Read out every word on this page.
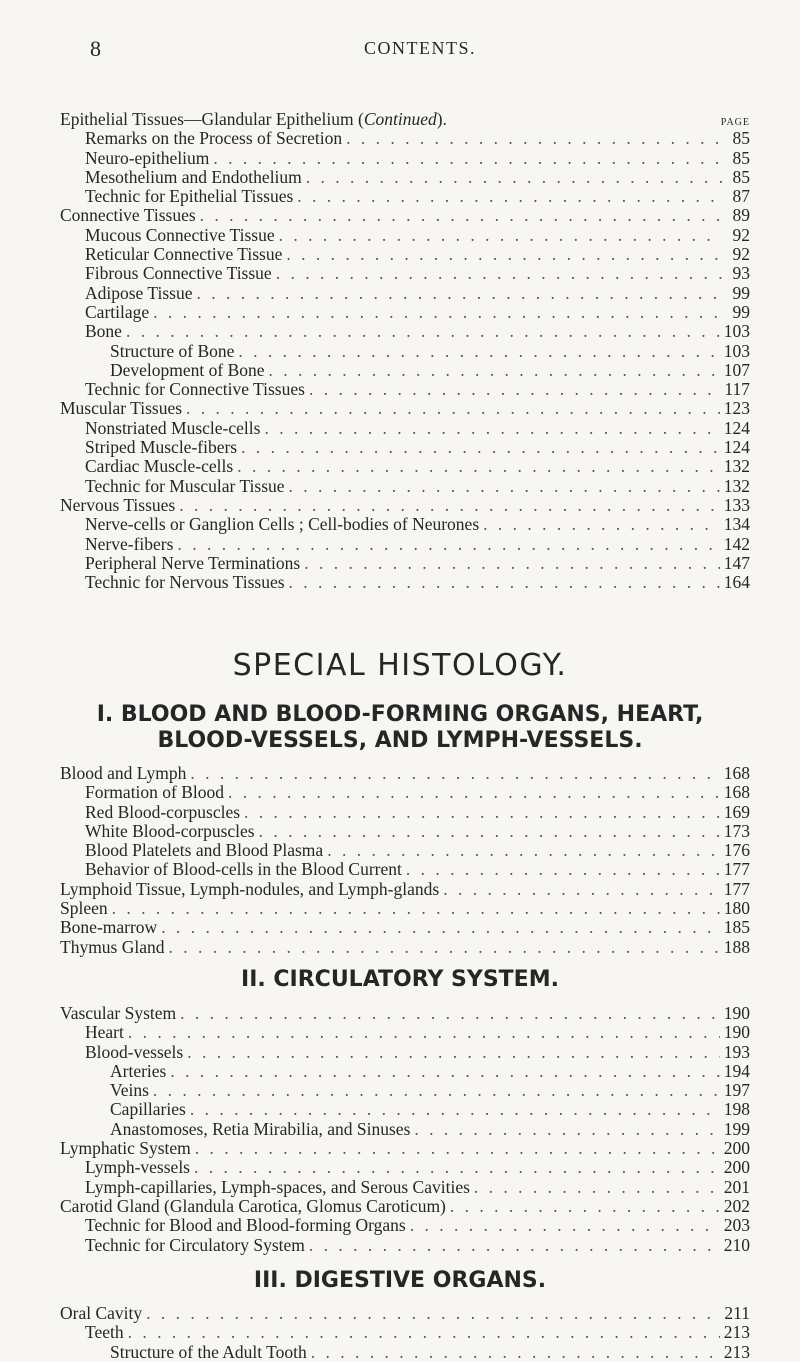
8	CONTENTS.
Epithelial Tissues—Glandular Epithelium (Continued).	PAGE
Remarks on the Process of Secretion . . .	85
Neuro-epithelium . . .	85
Mesothelium and Endothelium . . .	85
Technic for Epithelial Tissues . . .	87
Connective Tissues . . .	89
Mucous Connective Tissue . . .	92
Reticular Connective Tissue . . .	92
Fibrous Connective Tissue . . .	93
Adipose Tissue . . .	99
Cartilage . . .	99
Bone . . .	103
Structure of Bone . . .	103
Development of Bone . . .	107
Technic for Connective Tissues . . .	117
Muscular Tissues . . .	123
Nonstriated Muscle-cells . . .	124
Striped Muscle-fibers . . .	124
Cardiac Muscle-cells . . .	132
Technic for Muscular Tissue . . .	132
Nervous Tissues . . .	133
Nerve-cells or Ganglion Cells ; Cell-bodies of Neurones . . .	134
Nerve-fibers . . .	142
Peripheral Nerve Terminations . . .	147
Technic for Nervous Tissues . . .	164
SPECIAL HISTOLOGY.
I. BLOOD AND BLOOD-FORMING ORGANS, HEART,
BLOOD-VESSELS, AND LYMPH-VESSELS.
Blood and Lymph . . .	168
Formation of Blood . . .	168
Red Blood-corpuscles . . .	169
White Blood-corpuscles . . .	173
Blood Platelets and Blood Plasma . . .	176
Behavior of Blood-cells in the Blood Current . . .	177
Lymphoid Tissue, Lymph-nodules, and Lymph-glands . . .	177
Spleen . . .	180
Bone-marrow . . .	185
Thymus Gland . . .	188
II. CIRCULATORY SYSTEM.
Vascular System . . .	190
Heart . . .	190
Blood-vessels . . .	193
Arteries . . .	194
Veins . . .	197
Capillaries . . .	198
Anastomoses, Retia Mirabilia, and Sinuses . . .	199
Lymphatic System . . .	200
Lymph-vessels . . .	200
Lymph-capillaries, Lymph-spaces, and Serous Cavities . . .	201
Carotid Gland (Glandula Carotica, Glomus Caroticum) . . .	202
Technic for Blood and Blood-forming Organs . . .	203
Technic for Circulatory System . . .	210
III. DIGESTIVE ORGANS.
Oral Cavity . . .	211
Teeth . . .	213
Structure of the Adult Tooth . . .	213
